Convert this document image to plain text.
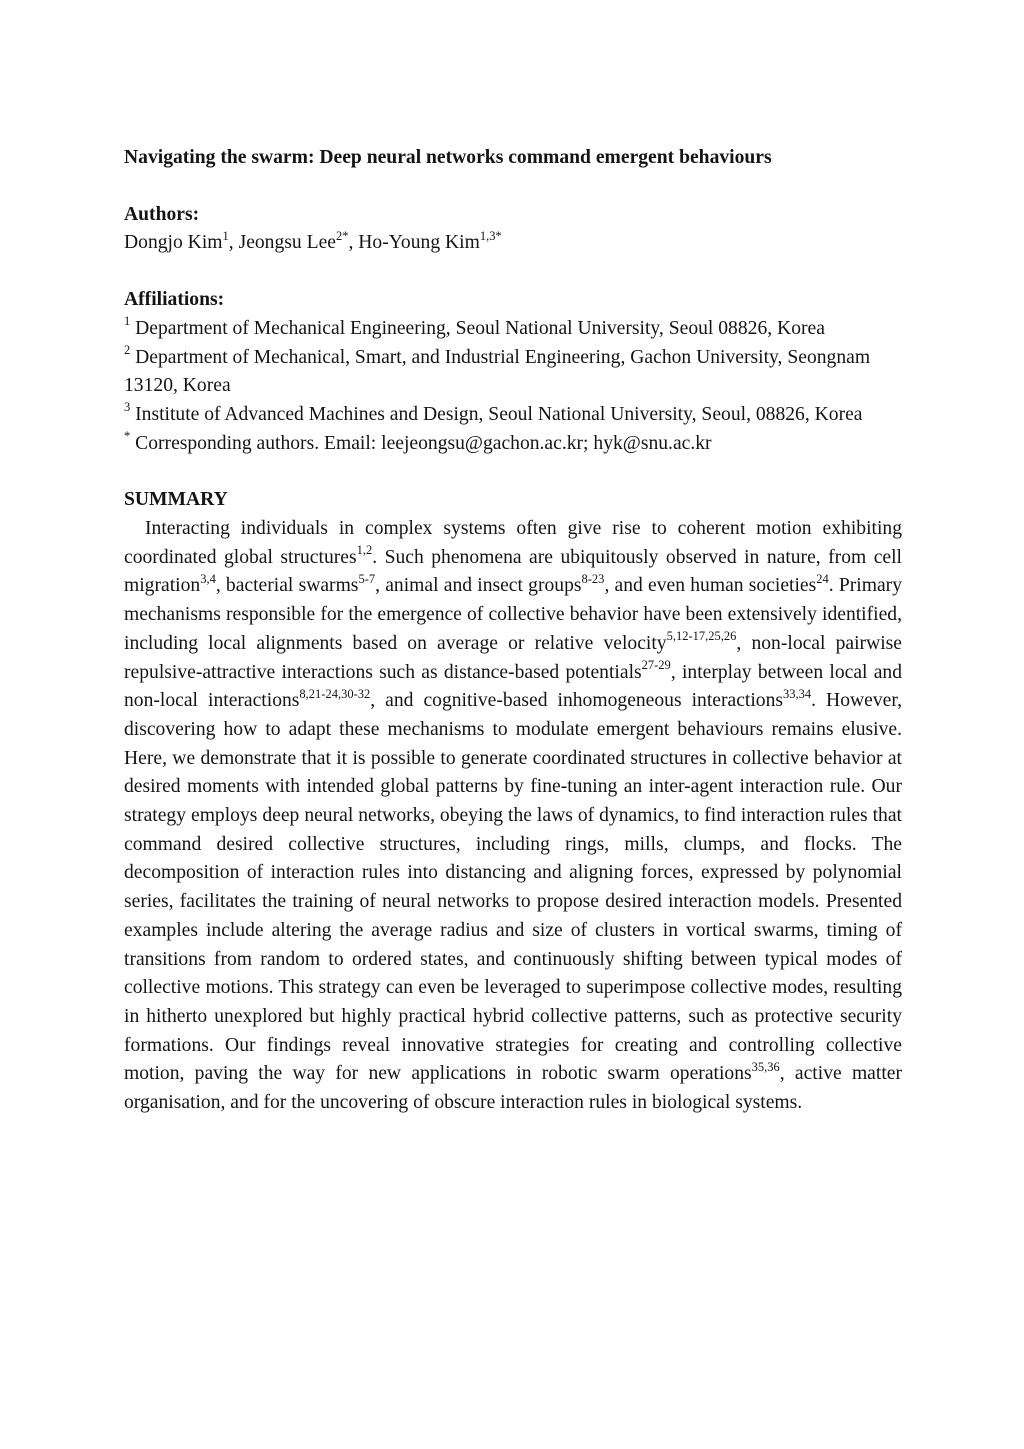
Navigating the swarm: Deep neural networks command emergent behaviours

Authors:

Dongjo Kim$^1$, Jeongsu Lee$^{2*}$, Ho-Young Kim$^{1,3*}$

Affiliations:

$^1$ Department of Mechanical Engineering, Seoul National University, Seoul 08826, Korea

$^2$ Department of Mechanical, Smart, and Industrial Engineering, Gachon University, Seongnam 13120, Korea

$^3$ Institute of Advanced Machines and Design, Seoul National University, Seoul, 08826, Korea

* Corresponding authors. Email: leejeongsu@gachon.ac.kr; hyk@snu.ac.kr

SUMMARY

Interacting individuals in complex systems often give rise to coherent motion exhibiting coordinated global structures$^{1,2}$. Such phenomena are ubiquitously observed in nature, from cell migration$^{3,4}$, bacterial swarms$^{5-7}$, animal and insect groups$^{8-23}$, and even human societies$^{24}$. Primary mechanisms responsible for the emergence of collective behavior have been extensively identified, including local alignments based on average or relative velocity$^{5,12-17,25,26}$, non-local pairwise repulsive-attractive interactions such as distance-based potentials$^{27-29}$, interplay between local and non-local interactions$^{8,21-24,30-32}$, and cognitive-based inhomogeneous interactions$^{33,34}$. However, discovering how to adapt these mechanisms to modulate emergent behaviours remains elusive. Here, we demonstrate that it is possible to generate coordinated structures in collective behavior at desired moments with intended global patterns by fine-tuning an inter-agent interaction rule. Our strategy employs deep neural networks, obeying the laws of dynamics, to find interaction rules that command desired collective structures, including rings, mills, clumps, and flocks. The decomposition of interaction rules into distancing and aligning forces, expressed by polynomial series, facilitates the training of neural networks to propose desired interaction models. Presented examples include altering the average radius and size of clusters in vortical swarms, timing of transitions from random to ordered states, and continuously shifting between typical modes of collective motions. This strategy can even be leveraged to superimpose collective modes, resulting in hitherto unexplored but highly practical hybrid collective patterns, such as protective security formations. Our findings reveal innovative strategies for creating and controlling collective motion, paving the way for new applications in robotic swarm operations$^{35,36}$, active matter organisation, and for the uncovering of obscure interaction rules in biological systems.
